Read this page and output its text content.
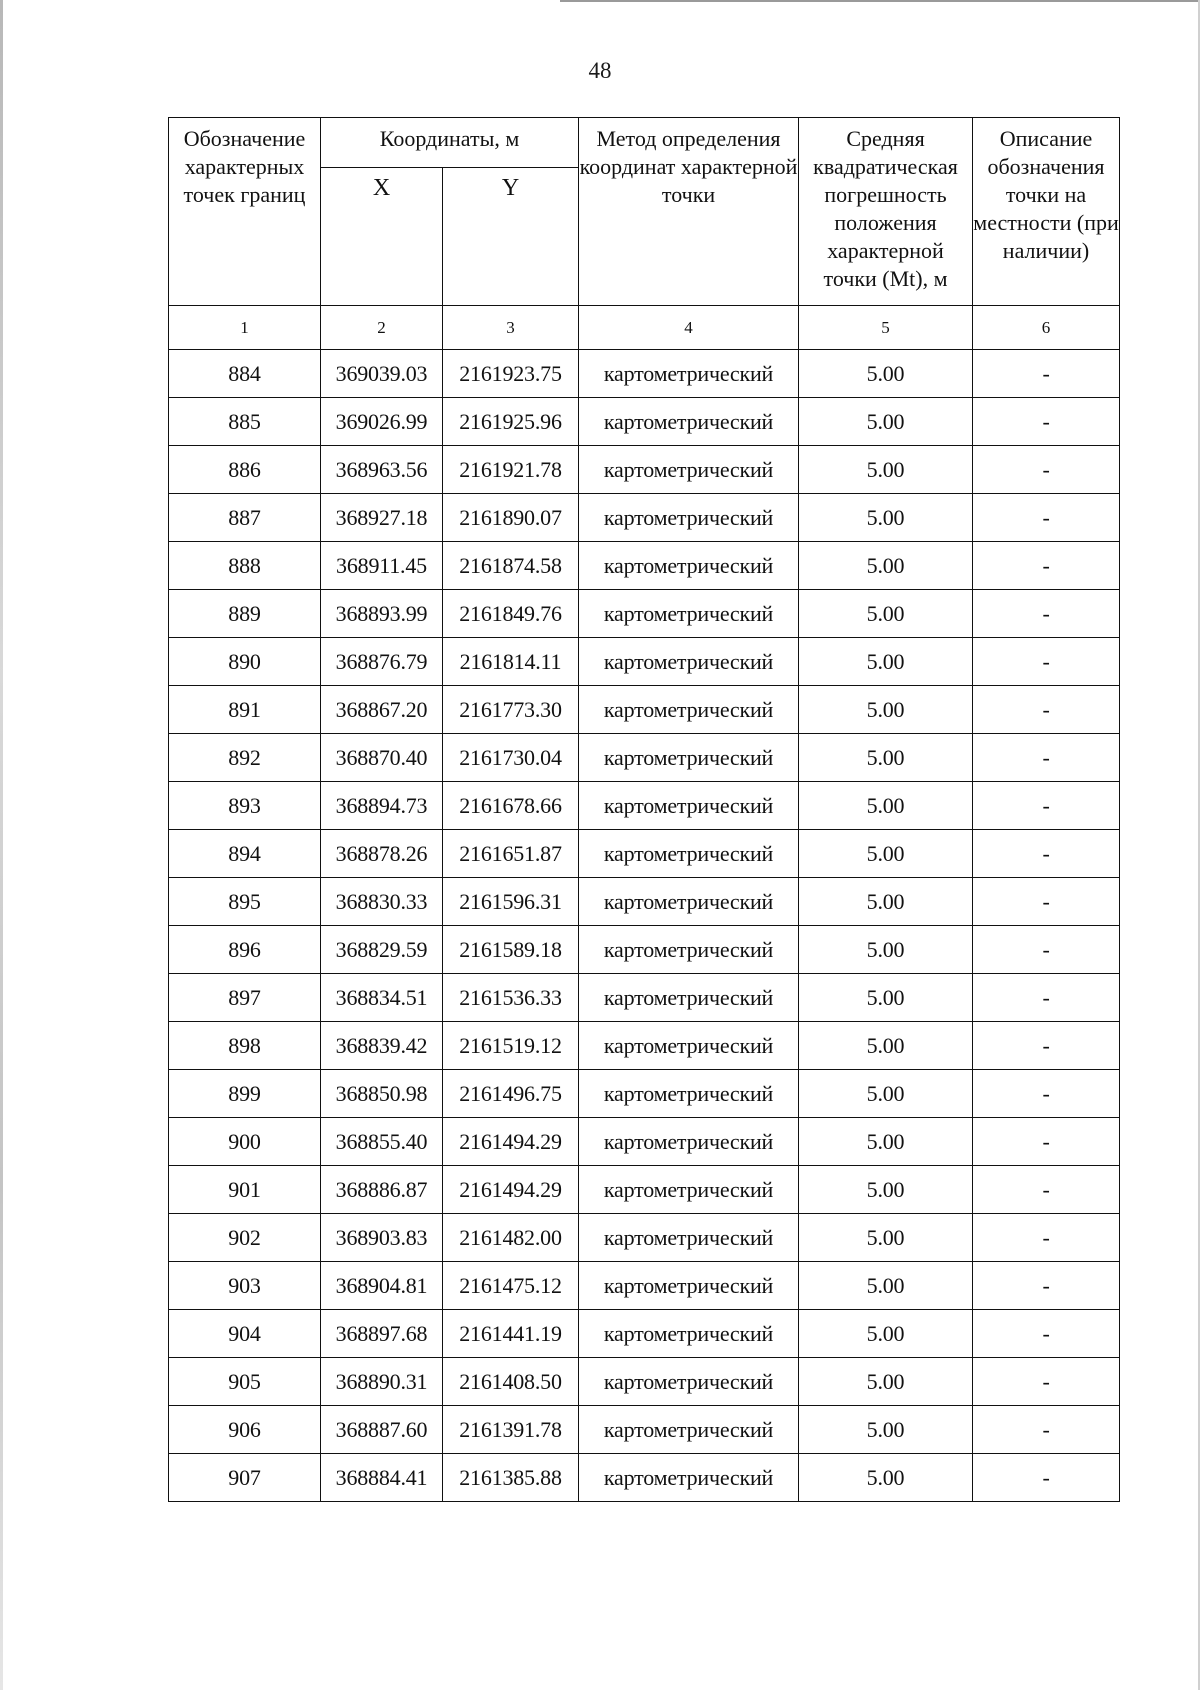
48
Обозначение характерных точек границ	Координаты, м		Метод определения координат характерной точки	Средняя квадратическая погрешность положения характерной точки (Mt), м	Описание обозначения точки на местности (при наличии)
	X	Y			
1	2	3	4	5	6
884	369039.03	2161923.75	картометрический	5.00	-
885	369026.99	2161925.96	картометрический	5.00	-
886	368963.56	2161921.78	картометрический	5.00	-
887	368927.18	2161890.07	картометрический	5.00	-
888	368911.45	2161874.58	картометрический	5.00	-
889	368893.99	2161849.76	картометрический	5.00	-
890	368876.79	2161814.11	картометрический	5.00	-
891	368867.20	2161773.30	картометрический	5.00	-
892	368870.40	2161730.04	картометрический	5.00	-
893	368894.73	2161678.66	картометрический	5.00	-
894	368878.26	2161651.87	картометрический	5.00	-
895	368830.33	2161596.31	картометрический	5.00	-
896	368829.59	2161589.18	картометрический	5.00	-
897	368834.51	2161536.33	картометрический	5.00	-
898	368839.42	2161519.12	картометрический	5.00	-
899	368850.98	2161496.75	картометрический	5.00	-
900	368855.40	2161494.29	картометрический	5.00	-
901	368886.87	2161494.29	картометрический	5.00	-
902	368903.83	2161482.00	картометрический	5.00	-
903	368904.81	2161475.12	картометрический	5.00	-
904	368897.68	2161441.19	картометрический	5.00	-
905	368890.31	2161408.50	картометрический	5.00	-
906	368887.60	2161391.78	картометрический	5.00	-
907	368884.41	2161385.88	картометрический	5.00	-
